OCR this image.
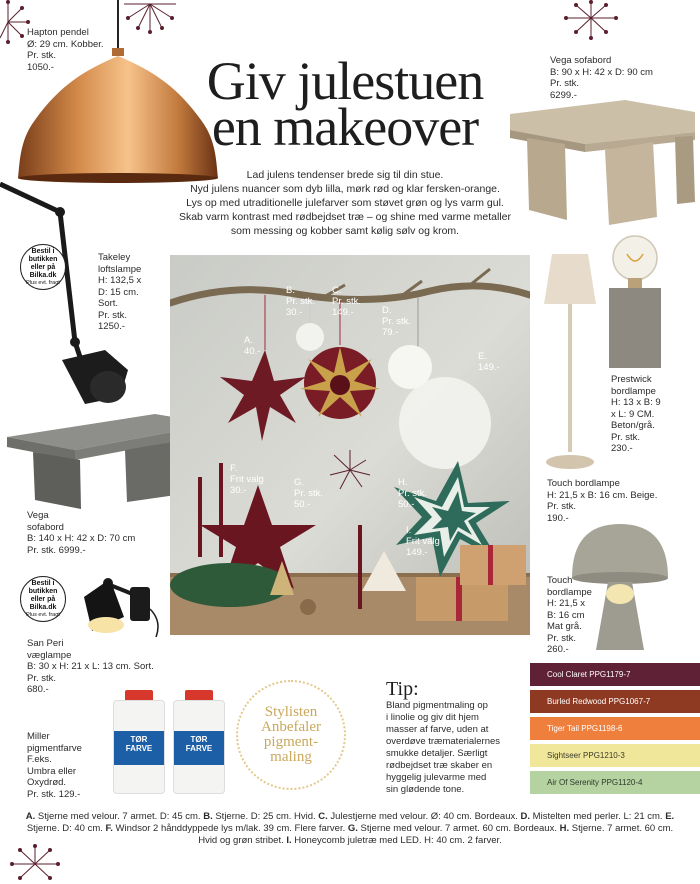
Hapton pendel
Ø: 29 cm. Kobber.
Pr. stk.
1050.-	Giv julestuen
en makeover
Lad julens tendenser brede sig til din stue.
Nyd julens nuancer som dyb lilla, mørk rød og klar fersken-orange.
Lys op med utraditionelle julefarver som støvet grøn og lys varm gul.
Skab varm kontrast med rødbejdset træ – og shine med varme metaller
som messing og kobber samt kølig sølv og krom.
Vega sofabord
B: 90 x H: 42 x D: 90 cm
Pr. stk.
6299.-
Bestil i butikken eller på Bilka.dk
Plus evt. fragt
Takeley
loftslampe
H: 132,5 x
D: 15 cm.
Sort.
Pr. stk.
1250.-
Vega
sofabord
B: 140 x H: 42 x D: 70 cm
Pr. stk. 6999.-
Bestil i butikken eller på Bilka.dk
Plus evt. fragt
San Peri
væglampe
B: 30 x H: 21 x L: 13 cm. Sort.
Pr. stk.
680.-
Miller
pigmentfarve
F.eks.
Umbra eller
Oxydrød.
Pr. stk. 129.-
TØR
FARVE
TØR
FARVE
Stylisten
Anbefaler
pigment-
maling
Tip:
Bland pigmentmaling op
i linolie og giv dit hjem
masser af farve, uden at
overdøve træmaterialernes
smukke detaljer. Særligt
rødbejdset træ skaber en
hyggelig julevarme med
sin glødende tone.
Cool Claret PPG1179-7
Burled Redwood PPG1067-7
Tiger Tail PPG1198-6
Sightseer PPG1210-3
Air Of Serenity PPG1120-4
Prestwick
bordlampe
H: 13 x B: 9
x L: 9 CM.
Beton/grå.
Pr. stk.
230.-
Touch bordlampe
H: 21,5 x B: 16 cm. Beige.
Pr. stk.
190.-
Touch
bordlampe
H: 21,5 x
B: 16 cm
Mat grå.
Pr. stk.
260.-
A.
40.-
B.
Pr. stk.
30.-
C.
Pr. stk.
149.-	D.
Pr. stk.
79.-
E.
149.-
F.
Frit valg
30.-
G.
Pr. stk.
50.-
H.
Pr. stk.
50.-
I.
Frit valg
149.-
A. Stjerne med velour. 7 armet. D: 45 cm. B. Stjerne. D: 25 cm. Hvid. C. Julestjerne med velour. Ø: 40 cm. Bordeaux. D. Mistelten med perler. L: 21 cm. E. Stjerne. D: 40 cm. F. Windsor 2 hånddyppede lys m/lak. 39 cm. Flere farver. G. Stjerne med velour. 7 armet. 60 cm. Bordeaux. H. Stjerne. 7 armet. 60 cm. Hvid og grøn stribet. I. Honeycomb juletræ med LED. H: 40 cm. 2 farver.
